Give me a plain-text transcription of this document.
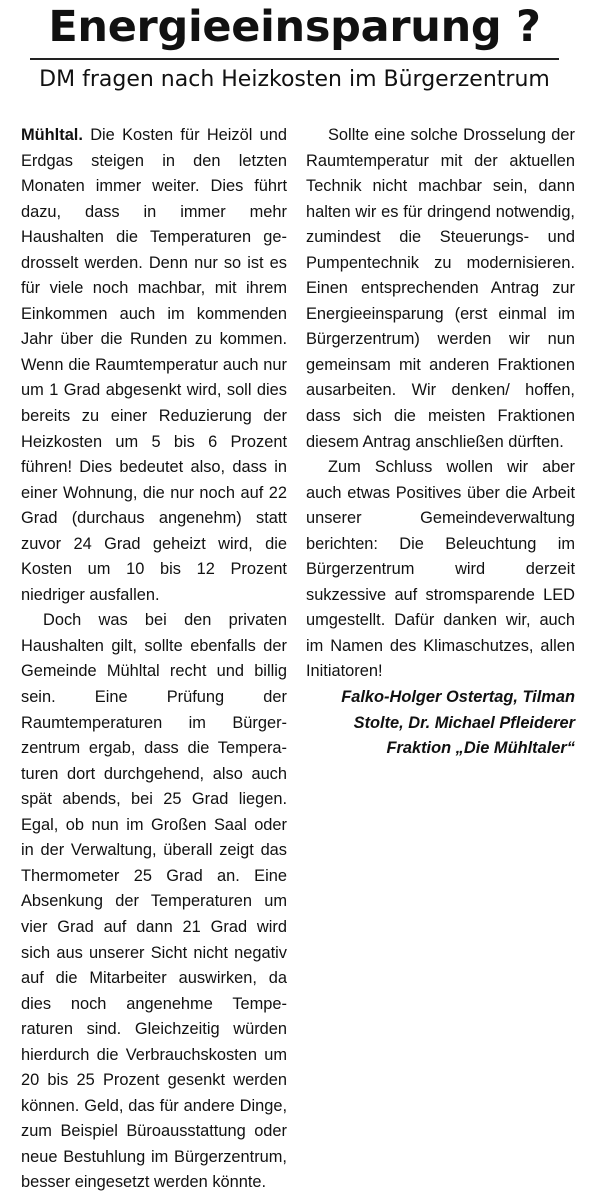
Energieeinsparung ?
DM fragen nach Heizkosten im Bürgerzentrum

Mühltal. Die Kosten für Heizöl und Erdgas steigen in den letzten Monaten immer weiter. Dies führt dazu, dass in immer mehr Haushalten die Temperaturen gedrosselt werden. Denn nur so ist es für viele noch machbar, mit ihrem Einkommen auch im kommenden Jahr über die Runden zu kommen. Wenn die Raumtemperatur auch nur um 1 Grad abgesenkt wird, soll dies bereits zu einer Reduzierung der Heizkosten um 5 bis 6 Prozent führen! Dies bedeutet also, dass in einer Wohnung, die nur noch auf 22 Grad (durchaus angenehm) statt zuvor 24 Grad geheizt wird, die Kosten um 10 bis 12 Prozent niedriger ausfallen.

Doch was bei den privaten Haushalten gilt, sollte ebenfalls der Gemeinde Mühltal recht und billig sein. Eine Prüfung der Raumtemperaturen im Bürgerzentrum ergab, dass die Temperaturen dort durchgehend, also auch spät abends, bei 25 Grad liegen. Egal, ob nun im Großen Saal oder in der Verwaltung, überall zeigt das Thermometer 25 Grad an. Eine Absenkung der Temperaturen um vier Grad auf dann 21 Grad wird sich aus unserer Sicht nicht negativ auf die Mitarbeiter auswirken, da dies noch angenehme Temperaturen sind. Gleichzeitig würden hierdurch die Verbrauchskosten um 20 bis 25 Prozent gesenkt werden können. Geld, das für andere Dinge, zum Beispiel Büroausstattung oder neue Bestuhlung im Bürgerzentrum, besser eingesetzt werden könnte.

Sollte eine solche Drosselung der Raumtemperatur mit der aktuellen Technik nicht machbar sein, dann halten wir es für dringend notwendig, zumindest die Steuerungs- und Pumpentechnik zu modernisieren. Einen entsprechenden Antrag zur Energieeinsparung (erst einmal im Bürgerzentrum) werden wir nun gemeinsam mit anderen Fraktionen ausarbeiten. Wir denken/ hoffen, dass sich die meisten Fraktionen diesem Antrag anschließen dürften.

Zum Schluss wollen wir aber auch etwas Positives über die Arbeit unserer Gemeindeverwaltung berichten: Die Beleuchtung im Bürgerzentrum wird derzeit sukzessive auf stromsparende LED umgestellt. Dafür danken wir, auch im Namen des Klimaschutzes, allen Initiatoren!

Falko-Holger Ostertag, Tilman

Stolte, Dr. Michael Pfleiderer

Fraktion „Die Mühltaler“
